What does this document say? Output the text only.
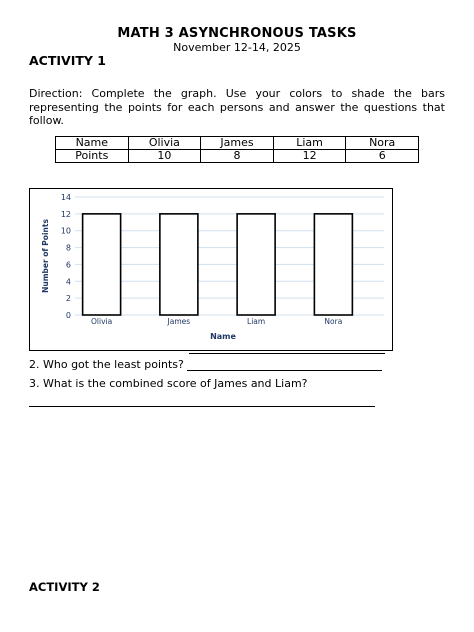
MATH 3 ASYNCHRONOUS TASKS
November 12-14, 2025
ACTIVITY 1
Direction: Complete the graph. Use your colors to shade the bars representing the points for each persons and answer the questions that follow.
Name	Olivia	James	Liam	Nora
Points	10	8	12	6
0
2
4
6
8
10
12
14
Olivia	James	Liam	Nora
Name
Number of Points
2. Who got the least points?
3. What is the combined score of James and Liam?
ACTIVITY 2
